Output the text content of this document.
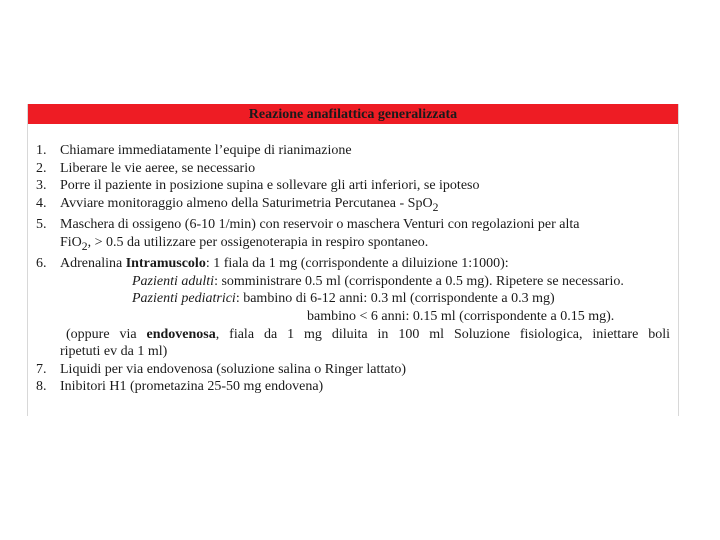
Reazione anafilattica generalizzata
1. Chiamare immediatamente l’equipe di rianimazione
2. Liberare le vie aeree, se necessario
3. Porre il paziente in posizione supina e sollevare gli arti inferiori, se ipoteso
4. Avviare monitoraggio almeno della Saturimetria Percutanea - SpO$_2$
5. Maschera di ossigeno (6-10 1/min) con reservoir o maschera Venturi con regolazioni per alta
FiO$_2$, > 0.5 da utilizzare per ossigenoterapia in respiro spontaneo.
6. Adrenalina Intramuscolo: 1 fiala da 1 mg (corrispondente a diluizione 1:1000):
Pazienti adulti: somministrare 0.5 ml (corrispondente a 0.5 mg). Ripetere se necessario.
Pazienti pediatrici: bambino di 6-12 anni: 0.3 ml (corrispondente a 0.3 mg)
bambino < 6 anni: 0.15 ml (corrispondente a 0.15 mg).
(oppure via endovenosa, fiala da 1 mg diluita in 100 ml Soluzione fisiologica, iniettare boli
ripetuti ev da 1 ml)
7. Liquidi per via endovenosa (soluzione salina o Ringer lattato)
8. Inibitori H1 (prometazina 25-50 mg endovena)
